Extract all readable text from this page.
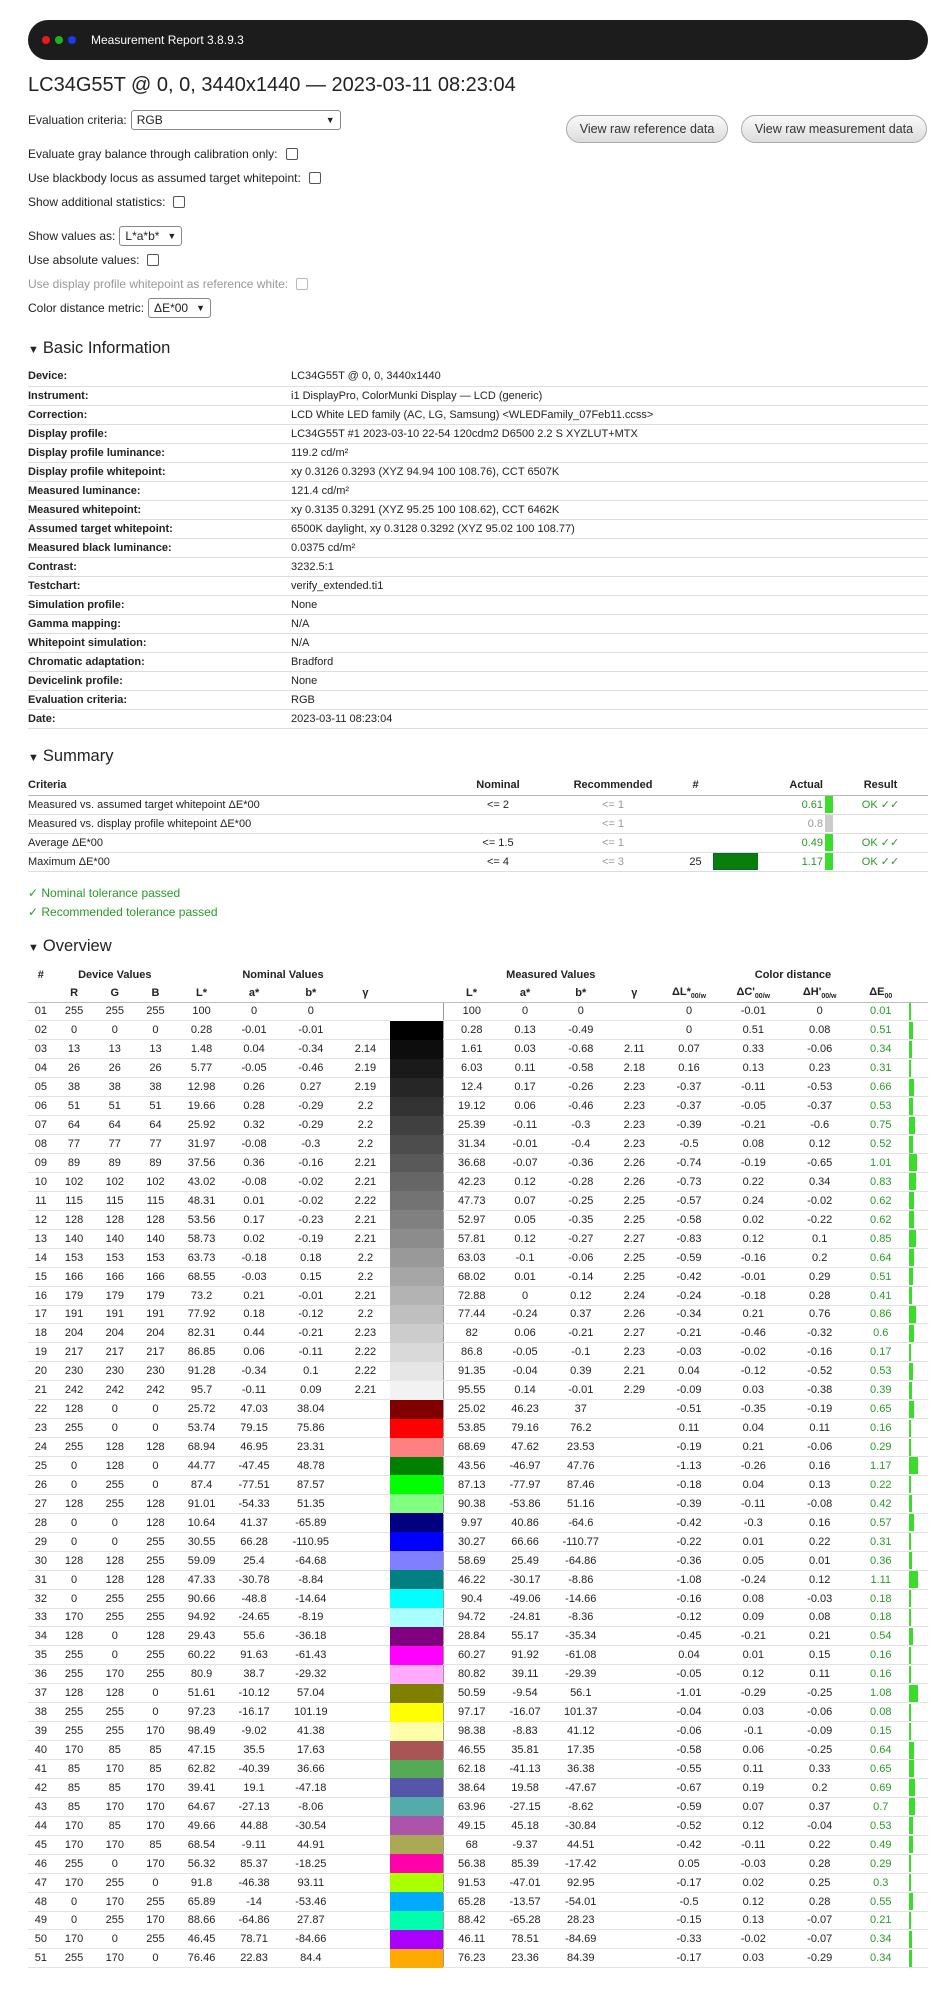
Measurement Report 3.8.9.3
LC34G55T @ 0, 0, 3440x1440 — 2023-03-11 08:23:04
Evaluation criteria: RGB	▼
View raw reference data	View raw measurement data
Evaluate gray balance through calibration only:
Use blackbody locus as assumed target whitepoint:
Show additional statistics:
Show values as: L*a*b* ▼
Use absolute values:
Use display profile whitepoint as reference white:
Color distance metric: ΔE*00 ▼
▼ Basic Information
Device:	LC34G55T @ 0, 0, 3440x1440
Instrument:	i1 DisplayPro, ColorMunki Display — LCD (generic)
Correction:	LCD White LED family (AC, LG, Samsung) <WLEDFamily_07Feb11.ccss>
Display profile:	LC34G55T #1 2023-03-10 22-54 120cdm2 D6500 2.2 S XYZLUT+MTX
Display profile luminance:	119.2 cd/m²
Display profile whitepoint:	xy 0.3126 0.3293 (XYZ 94.94 100 108.76), CCT 6507K
Measured luminance:	121.4 cd/m²
Measured whitepoint:	xy 0.3135 0.3291 (XYZ 95.25 100 108.62), CCT 6462K
Assumed target whitepoint:	6500K daylight, xy 0.3128 0.3292 (XYZ 95.02 100 108.77)
Measured black luminance:	0.0375 cd/m²
Contrast:	3232.5:1
Testchart:	verify_extended.ti1
Simulation profile:	None
Gamma mapping:	N/A
Whitepoint simulation:	N/A
Chromatic adaptation:	Bradford
Devicelink profile:	None
Evaluation criteria:	RGB
Date:	2023-03-11 08:23:04
▼ Summary
Criteria	Nominal	Recommended	#		Actual		Result
Measured vs. assumed target whitepoint ΔE*00	<= 2	<= 1			0.61		OK ✓✓
Measured vs. display profile whitepoint ΔE*00		<= 1			0.8		
Average ΔE*00	<= 1.5	<= 1			0.49		OK ✓✓
Maximum ΔE*00	<= 4	<= 3	25		1.17		OK ✓✓
✓ Nominal tolerance passed
✓ Recommended tolerance passed
▼ Overview
#	Device Values			Nominal Values					Measured Values				Color distance				
	R	G	B	L*	a*	b*	γ		L*	a*	b*	γ	$\Delta L*_{00/w}$	$\Delta C'_{00/w}$	$\Delta H'_{00/w}$	$\Delta E_{00}$	
01	255	255	255	100	0	0			100	0	0		0	-0.01	0	0.01	

02	0	0	0	0.28	-0.01	-0.01			0.28	0.13	-0.49		0	0.51	0.08	0.51	

03	13	13	13	1.48	0.04	-0.34	2.14		1.61	0.03	-0.68	2.11	0.07	0.33	-0.06	0.34	

04	26	26	26	5.77	-0.05	-0.46	2.19		6.03	0.11	-0.58	2.18	0.16	0.13	0.23	0.31	

05	38	38	38	12.98	0.26	0.27	2.19		12.4	0.17	-0.26	2.23	-0.37	-0.11	-0.53	0.66	

06	51	51	51	19.66	0.28	-0.29	2.2		19.12	0.06	-0.46	2.23	-0.37	-0.05	-0.37	0.53	

07	64	64	64	25.92	0.32	-0.29	2.2		25.39	-0.11	-0.3	2.23	-0.39	-0.21	-0.6	0.75	

08	77	77	77	31.97	-0.08	-0.3	2.2		31.34	-0.01	-0.4	2.23	-0.5	0.08	0.12	0.52	

09	89	89	89	37.56	0.36	-0.16	2.21		36.68	-0.07	-0.36	2.26	-0.74	-0.19	-0.65	1.01	

10	102	102	102	43.02	-0.08	-0.02	2.21		42.23	0.12	-0.28	2.26	-0.73	0.22	0.34	0.83	

11	115	115	115	48.31	0.01	-0.02	2.22		47.73	0.07	-0.25	2.25	-0.57	0.24	-0.02	0.62	

12	128	128	128	53.56	0.17	-0.23	2.21		52.97	0.05	-0.35	2.25	-0.58	0.02	-0.22	0.62	

13	140	140	140	58.73	0.02	-0.19	2.21		57.81	0.12	-0.27	2.27	-0.83	0.12	0.1	0.85	

14	153	153	153	63.73	-0.18	0.18	2.2		63.03	-0.1	-0.06	2.25	-0.59	-0.16	0.2	0.64	

15	166	166	166	68.55	-0.03	0.15	2.2		68.02	0.01	-0.14	2.25	-0.42	-0.01	0.29	0.51	

16	179	179	179	73.2	0.21	-0.01	2.21		72.88	0	0.12	2.24	-0.24	-0.18	0.28	0.41	

17	191	191	191	77.92	0.18	-0.12	2.2		77.44	-0.24	0.37	2.26	-0.34	0.21	0.76	0.86	

18	204	204	204	82.31	0.44	-0.21	2.23		82	0.06	-0.21	2.27	-0.21	-0.46	-0.32	0.6	

19	217	217	217	86.85	0.06	-0.11	2.22		86.8	-0.05	-0.1	2.23	-0.03	-0.02	-0.16	0.17	

20	230	230	230	91.28	-0.34	0.1	2.22		91.35	-0.04	0.39	2.21	0.04	-0.12	-0.52	0.53	

21	242	242	242	95.7	-0.11	0.09	2.21		95.55	0.14	-0.01	2.29	-0.09	0.03	-0.38	0.39	

22	128	0	0	25.72	47.03	38.04			25.02	46.23	37		-0.51	-0.35	-0.19	0.65	

23	255	0	0	53.74	79.15	75.86			53.85	79.16	76.2		0.11	0.04	0.11	0.16	

24	255	128	128	68.94	46.95	23.31			68.69	47.62	23.53		-0.19	0.21	-0.06	0.29	

25	0	128	0	44.77	-47.45	48.78			43.56	-46.97	47.76		-1.13	-0.26	0.16	1.17	

26	0	255	0	87.4	-77.51	87.57			87.13	-77.97	87.46		-0.18	0.04	0.13	0.22	

27	128	255	128	91.01	-54.33	51.35			90.38	-53.86	51.16		-0.39	-0.11	-0.08	0.42	

28	0	0	128	10.64	41.37	-65.89			9.97	40.86	-64.6		-0.42	-0.3	0.16	0.57	

29	0	0	255	30.55	66.28	-110.95			30.27	66.66	-110.77		-0.22	0.01	0.22	0.31	

30	128	128	255	59.09	25.4	-64.68			58.69	25.49	-64.86		-0.36	0.05	0.01	0.36	

31	0	128	128	47.33	-30.78	-8.84			46.22	-30.17	-8.86		-1.08	-0.24	0.12	1.11	

32	0	255	255	90.66	-48.8	-14.64			90.4	-49.06	-14.66		-0.16	0.08	-0.03	0.18	

33	170	255	255	94.92	-24.65	-8.19			94.72	-24.81	-8.36		-0.12	0.09	0.08	0.18	

34	128	0	128	29.43	55.6	-36.18			28.84	55.17	-35.34		-0.45	-0.21	0.21	0.54	

35	255	0	255	60.22	91.63	-61.43			60.27	91.92	-61.08		0.04	0.01	0.15	0.16	

36	255	170	255	80.9	38.7	-29.32			80.82	39.11	-29.39		-0.05	0.12	0.11	0.16	

37	128	128	0	51.61	-10.12	57.04			50.59	-9.54	56.1		-1.01	-0.29	-0.25	1.08	

38	255	255	0	97.23	-16.17	101.19			97.17	-16.07	101.37		-0.04	0.03	-0.06	0.08	

39	255	255	170	98.49	-9.02	41.38			98.38	-8.83	41.12		-0.06	-0.1	-0.09	0.15	

40	170	85	85	47.15	35.5	17.63			46.55	35.81	17.35		-0.58	0.06	-0.25	0.64	

41	85	170	85	62.82	-40.39	36.66			62.18	-41.13	36.38		-0.55	0.11	0.33	0.65	

42	85	85	170	39.41	19.1	-47.18			38.64	19.58	-47.67		-0.67	0.19	0.2	0.69	

43	85	170	170	64.67	-27.13	-8.06			63.96	-27.15	-8.62		-0.59	0.07	0.37	0.7	

44	170	85	170	49.66	44.88	-30.54			49.15	45.18	-30.84		-0.52	0.12	-0.04	0.53	

45	170	170	85	68.54	-9.11	44.91			68	-9.37	44.51		-0.42	-0.11	0.22	0.49	

46	255	0	170	56.32	85.37	-18.25			56.38	85.39	-17.42		0.05	-0.03	0.28	0.29	

47	170	255	0	91.8	-46.38	93.11			91.53	-47.01	92.95		-0.17	0.02	0.25	0.3	

48	0	170	255	65.89	-14	-53.46			65.28	-13.57	-54.01		-0.5	0.12	0.28	0.55	

49	0	255	170	88.66	-64.86	27.87			88.42	-65.28	28.23		-0.15	0.13	-0.07	0.21	

50	170	0	255	46.45	78.71	-84.66			46.11	78.51	-84.69		-0.33	-0.02	-0.07	0.34	

51	255	170	0	76.46	22.83	84.4			76.23	23.36	84.39		-0.17	0.03	-0.29	0.34	
